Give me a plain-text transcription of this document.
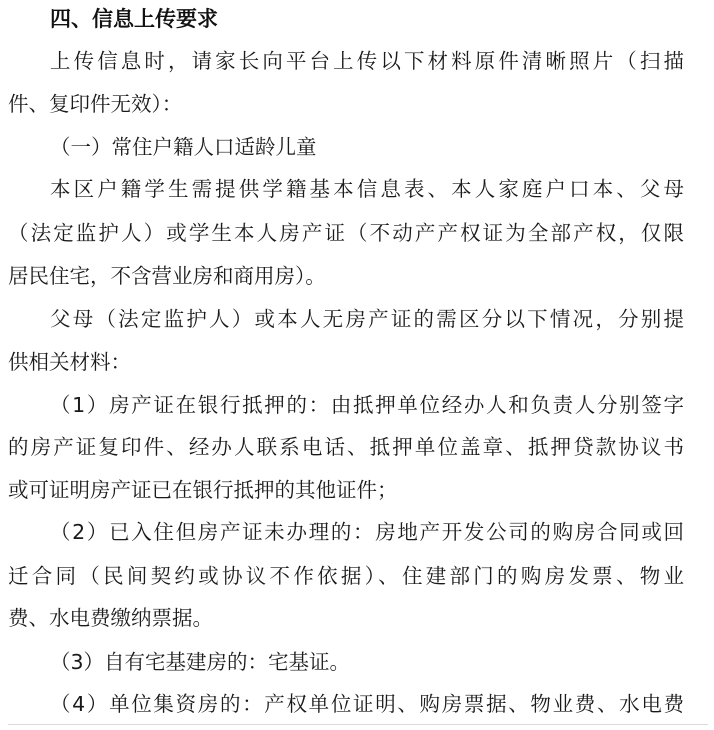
四、信息上传要求
上传信息时，请家长向平台上传以下材料原件清晰照片（扫描
件、复印件无效）：
（一）常住户籍人口适龄儿童
本区户籍学生需提供学籍基本信息表、本人家庭户口本、父母
（法定监护人）或学生本人房产证（不动产产权证为全部产权，仅限
居民住宅，不含营业房和商用房）。
父母（法定监护人）或本人无房产证的需区分以下情况，分别提
供相关材料：
（1）房产证在银行抵押的：由抵押单位经办人和负责人分别签字
的房产证复印件、经办人联系电话、抵押单位盖章、抵押贷款协议书
或可证明房产证已在银行抵押的其他证件；
（2）已入住但房产证未办理的：房地产开发公司的购房合同或回
迁合同（民间契约或协议不作依据）、住建部门的购房发票、物业
费、水电费缴纳票据。
（3）自有宅基建房的：宅基证。
（4）单位集资房的：产权单位证明、购房票据、物业费、水电费
